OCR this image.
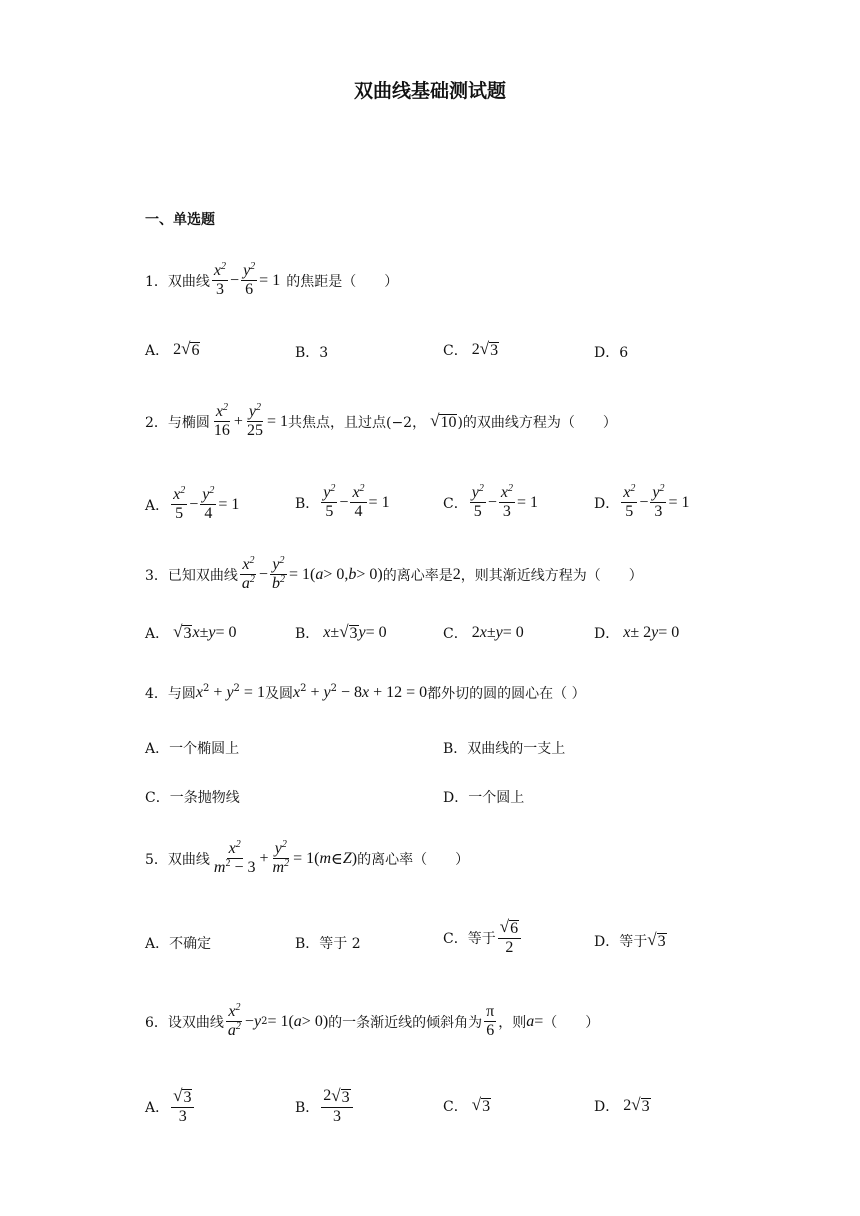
双曲线基础测试题
一、单选题
1． 双曲线 $\frac{x^2}{3} - \frac{y^2}{6} = 1$ 的焦距是（　　）
A． 2 √ 6	B．3	C． 2 √ 3	D．6
2． 与椭圆 $\frac{x^2}{16} + \frac{y^2}{25} = 1$ 共焦点，且过点(−2， √ 10 )的双曲线方程为（　　）
A． $\frac{x^2}{5} - \frac{y^2}{4} = 1$	B． $\frac{y^2}{5} - \frac{x^2}{4} = 1$	C． $\frac{y^2}{5} - \frac{x^2}{3} = 1$	D． $\frac{x^2}{5} - \frac{y^2}{3} = 1$
3． 已知双曲线 $\frac{x^2}{a^2} - \frac{y^2}{b^2} = 1$( a > 0, b > 0) 的离心率是 2 ，则其渐近线方程为（　　）
A． √ 3 x ± y = 0	B． x ± √ 3 y = 0	C． 2 x ± y = 0	D． x ± 2 y = 0
4． 与圆 $x^2 + y^2 = 1$ 及圆 $x^2 + y^2 - 8x + 12 = 0$ 都外切的圆的圆心在（ ）
A．一个椭圆上	B．双曲线的一支上
C．一条抛物线	D．一个圆上
5． 双曲线 $\frac{x^2}{m^2 - 3} + \frac{y^2}{m^2} = 1$( m ∈ Z ) 的离心率（　　）
A．不确定	B．等于 2	C．等于 $\frac{√ 6}{2}$	D．等于 √ 3
6． 设双曲线 $\frac{x^2}{a^2} - y$ 2 = 1( a > 0) 的一条渐近线的倾斜角为 $\frac{\pi}{6}$ ，则 a = （　　）
A． $\frac{√ 3}{3}$	B． $\frac{2 √ 3}{3}$	C． √ 3	D． 2 √ 3
